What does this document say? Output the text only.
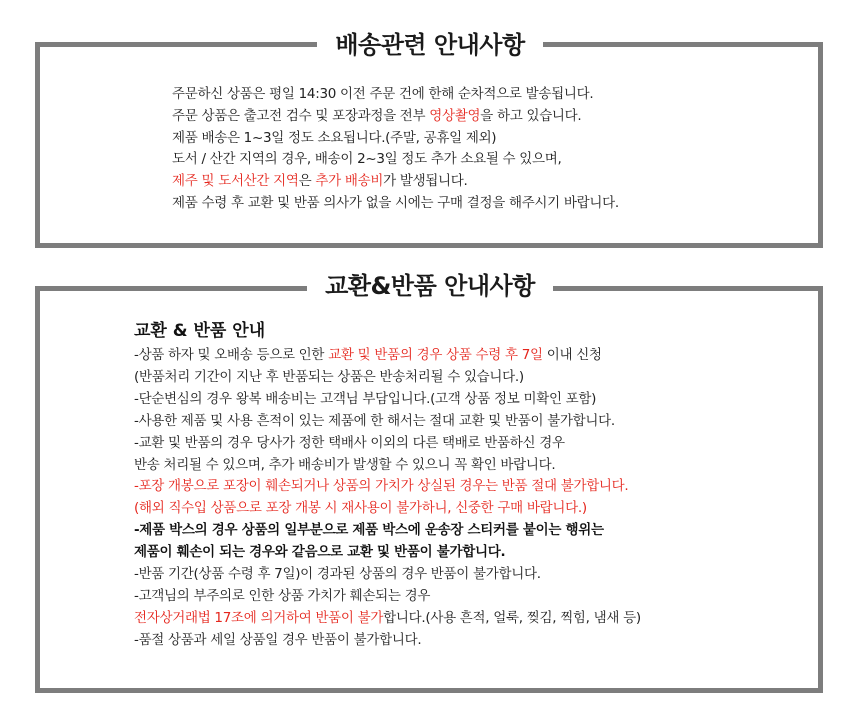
배송관련 안내사항
주문하신 상품은 평일 14:30 이전 주문 건에 한해 순차적으로 발송됩니다.
주문 상품은 출고전 검수 및 포장과정을 전부 영상촬영을 하고 있습니다.
제품 배송은 1~3일 정도 소요됩니다.(주말, 공휴일 제외)
도서 / 산간 지역의 경우, 배송이 2~3일 정도 추가 소요될 수 있으며,
제주 및 도서산간 지역은 추가 배송비가 발생됩니다.
제품 수령 후 교환 및 반품 의사가 없을 시에는 구매 결정을 해주시기 바랍니다.
교환&반품 안내사항
교환 & 반품 안내
-상품 하자 및 오배송 등으로 인한 교환 및 반품의 경우 상품 수령 후 7일 이내 신청
(반품처리 기간이 지난 후 반품되는 상품은 반송처리될 수 있습니다.)
-단순변심의 경우 왕복 배송비는 고객님 부담입니다.(고객 상품 정보 미확인 포함)
-사용한 제품 및 사용 흔적이 있는 제품에 한 해서는 절대 교환 및 반품이 불가합니다.
-교환 및 반품의 경우 당사가 정한 택배사 이외의 다른 택배로 반품하신 경우
반송 처리될 수 있으며, 추가 배송비가 발생할 수 있으니 꼭 확인 바랍니다.
-포장 개봉으로 포장이 훼손되거나 상품의 가치가 상실된 경우는 반품 절대 불가합니다.
(해외 직수입 상품으로 포장 개봉 시 재사용이 불가하니, 신중한 구매 바랍니다.)
-제품 박스의 경우 상품의 일부분으로 제품 박스에 운송장 스티커를 붙이는 행위는
제품이 훼손이 되는 경우와 같음으로 교환 및 반품이 불가합니다.
-반품 기간(상품 수령 후 7일)이 경과된 상품의 경우 반품이 불가합니다.
-고객님의 부주의로 인한 상품 가치가 훼손되는 경우
전자상거래법 17조에 의거하여 반품이 불가합니다.(사용 흔적, 얼룩, 찢김, 찍힘, 냄새 등)
-품절 상품과 세일 상품일 경우 반품이 불가합니다.
